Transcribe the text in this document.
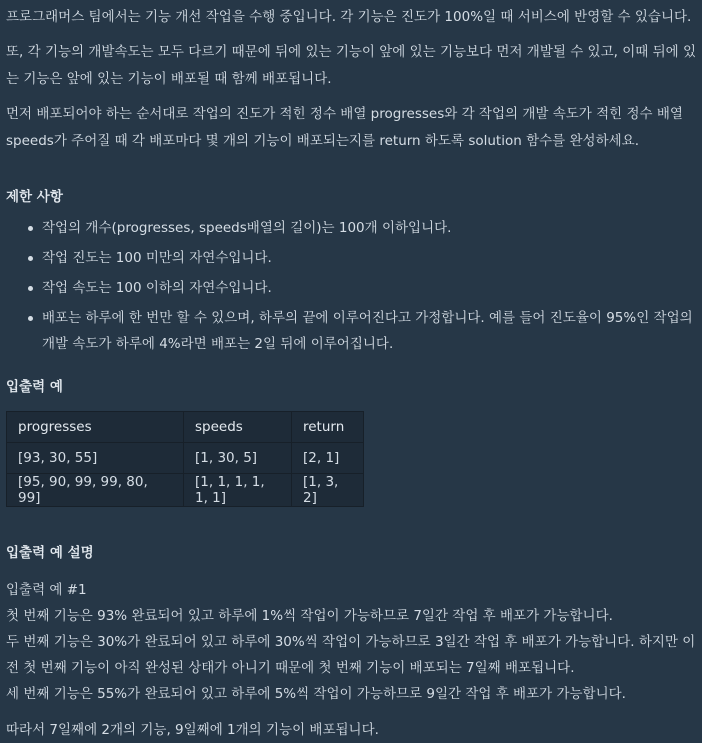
프로그래머스 팀에서는 기능 개선 작업을 수행 중입니다. 각 기능은 진도가 100%일 때 서비스에 반영할 수 있습니다.

또, 각 기능의 개발속도는 모두 다르기 때문에 뒤에 있는 기능이 앞에 있는 기능보다 먼저 개발될 수 있고, 이때 뒤에 있
는 기능은 앞에 있는 기능이 배포될 때 함께 배포됩니다.

먼저 배포되어야 하는 순서대로 작업의 진도가 적힌 정수 배열 progresses와 각 작업의 개발 속도가 적힌 정수 배열
speeds가 주어질 때 각 배포마다 몇 개의 기능이 배포되는지를 return 하도록 solution 함수를 완성하세요.

제한 사항
작업의 개수(progresses, speeds배열의 길이)는 100개 이하입니다.
작업 진도는 100 미만의 자연수입니다.
작업 속도는 100 이하의 자연수입니다.
배포는 하루에 한 번만 할 수 있으며, 하루의 끝에 이루어진다고 가정합니다. 예를 들어 진도율이 95%인 작업의
개발 속도가 하루에 4%라면 배포는 2일 뒤에 이루어집니다.
입출력 예
progresses	speeds	return
[93, 30, 55]	[1, 30, 5]	[2, 1]
[95, 90, 99, 99, 80, 99]	[1, 1, 1, 1, 1, 1]	[1, 3, 2]
입출력 예 설명

입출력 예 #1

첫 번째 기능은 93% 완료되어 있고 하루에 1%씩 작업이 가능하므로 7일간 작업 후 배포가 가능합니다.

두 번째 기능은 30%가 완료되어 있고 하루에 30%씩 작업이 가능하므로 3일간 작업 후 배포가 가능합니다. 하지만 이

전 첫 번째 기능이 아직 완성된 상태가 아니기 때문에 첫 번째 기능이 배포되는 7일째 배포됩니다.

세 번째 기능은 55%가 완료되어 있고 하루에 5%씩 작업이 가능하므로 9일간 작업 후 배포가 가능합니다.

따라서 7일째에 2개의 기능, 9일째에 1개의 기능이 배포됩니다.
